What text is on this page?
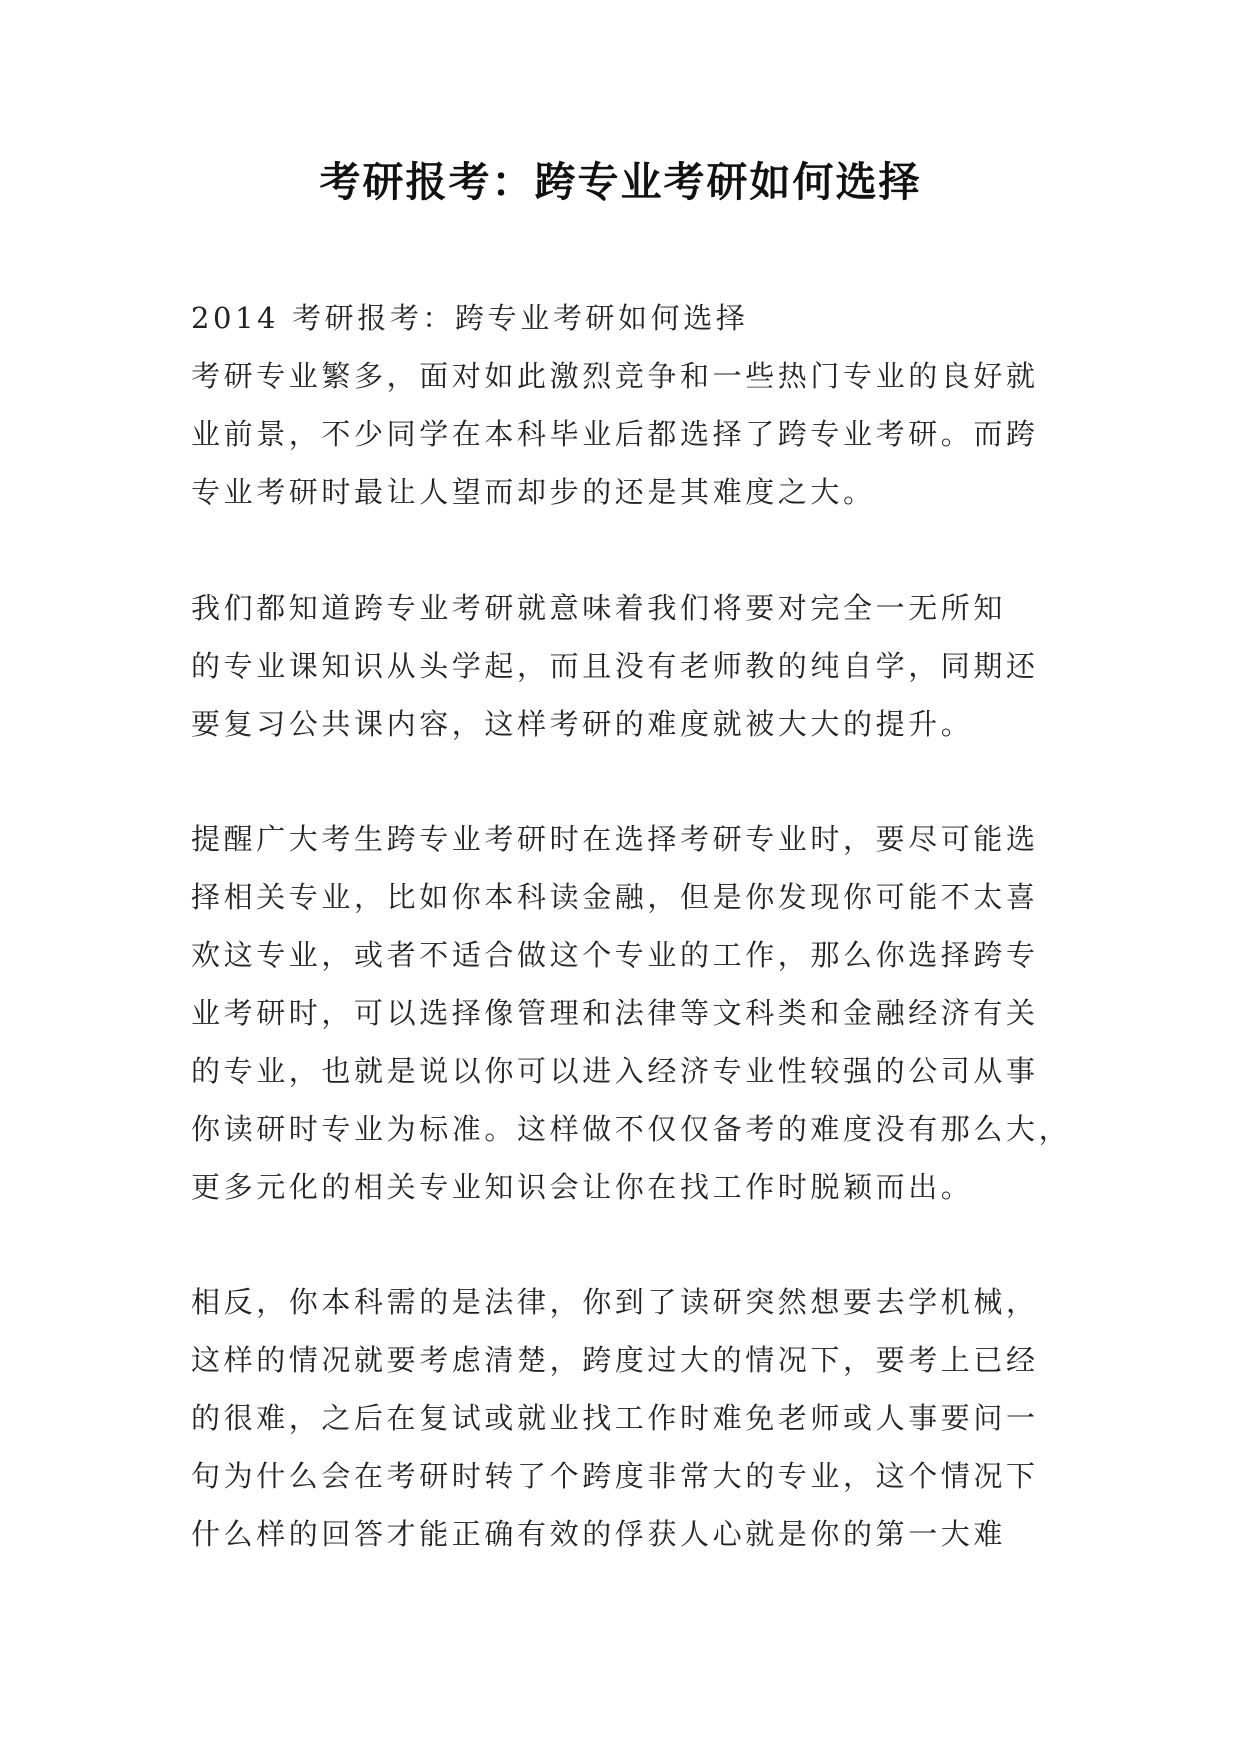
考研报考：跨专业考研如何选择
2014 考研报考：跨专业考研如何选择
考研专业繁多，面对如此激烈竞争和一些热门专业的良好就
业前景，不少同学在本科毕业后都选择了跨专业考研。而跨
专业考研时最让人望而却步的还是其难度之大。
我们都知道跨专业考研就意味着我们将要对完全一无所知
的专业课知识从头学起，而且没有老师教的纯自学，同期还
要复习公共课内容，这样考研的难度就被大大的提升。
提醒广大考生跨专业考研时在选择考研专业时，要尽可能选
择相关专业，比如你本科读金融，但是你发现你可能不太喜
欢这专业，或者不适合做这个专业的工作，那么你选择跨专
业考研时，可以选择像管理和法律等文科类和金融经济有关
的专业，也就是说以你可以进入经济专业性较强的公司从事
你读研时专业为标准。这样做不仅仅备考的难度没有那么大，
更多元化的相关专业知识会让你在找工作时脱颖而出。
相反，你本科需的是法律，你到了读研突然想要去学机械，
这样的情况就要考虑清楚，跨度过大的情况下，要考上已经
的很难，之后在复试或就业找工作时难免老师或人事要问一
句为什么会在考研时转了个跨度非常大的专业，这个情况下
什么样的回答才能正确有效的俘获人心就是你的第一大难
